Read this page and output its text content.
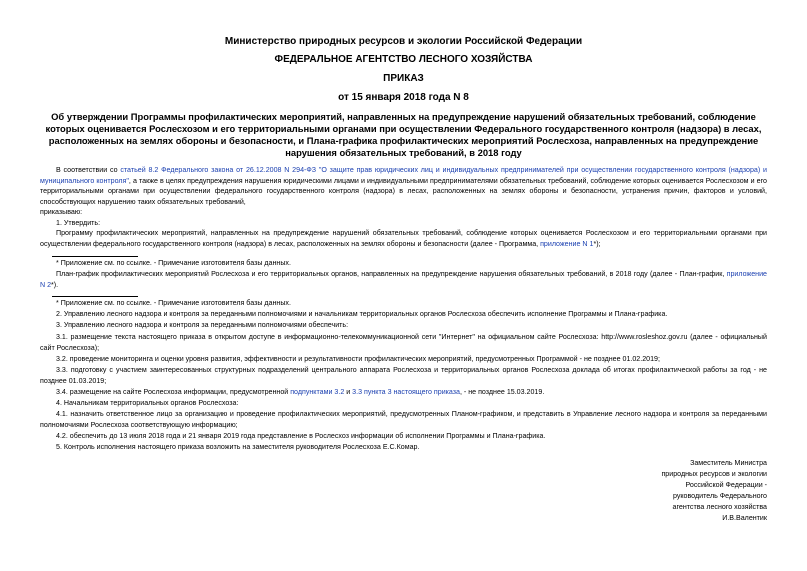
Министерство природных ресурсов и экологии Российской Федерации
ФЕДЕРАЛЬНОЕ АГЕНТСТВО ЛЕСНОГО ХОЗЯЙСТВА
ПРИКАЗ
от 15 января 2018 года N 8
Об утверждении Программы профилактических мероприятий, направленных на предупреждение нарушений обязательных требований, соблюдение которых оценивается Рослесхозом и его территориальными органами при осуществлении Федерального государственного контроля (надзора) в лесах, расположенных на землях обороны и безопасности, и Плана-графика профилактических мероприятий Рослесхоза, направленных на предупреждение нарушения обязательных требований, в 2018 году
В соответствии со статьей 8.2 Федерального закона от 26.12.2008 N 294-ФЗ "О защите прав юридических лиц и индивидуальных предпринимателей при осуществлении государственного контроля (надзора) и муниципального контроля", а также в целях предупреждения нарушения юридическими лицами и индивидуальными предпринимателями обязательных требований, соблюдение которых оценивается Рослесхозом и его территориальными органами при осуществлении федерального государственного контроля (надзора) в лесах, расположенных на землях обороны и безопасности, устранения причин, факторов и условий, способствующих нарушению таких обязательных требований,
приказываю:
1. Утвердить:
Программу профилактических мероприятий, направленных на предупреждение нарушений обязательных требований, соблюдение которых оценивается Рослесхозом и его территориальными органами при осуществлении федерального государственного контроля (надзора) в лесах, расположенных на землях обороны и безопасности (далее - Программа, приложение N 1*);
* Приложение см. по ссылке. - Примечание изготовителя базы данных.
План-график профилактических мероприятий Рослесхоза и его территориальных органов, направленных на предупреждение нарушения обязательных требований, в 2018 году (далее - План-график, приложение N 2*).
* Приложение см. по ссылке. - Примечание изготовителя базы данных.
2. Управлению лесного надзора и контроля за переданными полномочиями и начальникам территориальных органов Рослесхоза обеспечить исполнение Программы и Плана-графика.
3. Управлению лесного надзора и контроля за переданными полномочиями обеспечить:
3.1. размещение текста настоящего приказа в открытом доступе в информационно-телекоммуникационной сети "Интернет" на официальном сайте Рослесхоза: http://www.rosleshoz.gov.ru (далее - официальный сайт Рослесхоза);
3.2. проведение мониторинга и оценки уровня развития, эффективности и результативности профилактических мероприятий, предусмотренных Программой - не позднее 01.02.2019;
3.3. подготовку с участием заинтересованных структурных подразделений центрального аппарата Рослесхоза и территориальных органов Рослесхоза доклада об итогах профилактической работы за год - не позднее 01.03.2019;
3.4. размещение на сайте Рослесхоза информации, предусмотренной подпунктами 3.2 и 3.3 пункта 3 настоящего приказа, - не позднее 15.03.2019.
4. Начальникам территориальных органов Рослесхоза:
4.1. назначить ответственное лицо за организацию и проведение профилактических мероприятий, предусмотренных Планом-графиком, и представить в Управление лесного надзора и контроля за переданными полномочиями Рослесхоза соответствующую информацию;
4.2. обеспечить до 13 июля 2018 года и 21 января 2019 года представление в Рослесхоз информации об исполнении Программы и Плана-графика.
5. Контроль исполнения настоящего приказа возложить на заместителя руководителя Рослесхоза Е.С.Комар.
Заместитель Министра
природных ресурсов и экологии
Российской Федерации -
руководитель Федерального
агентства лесного хозяйства
И.В.Валентик
